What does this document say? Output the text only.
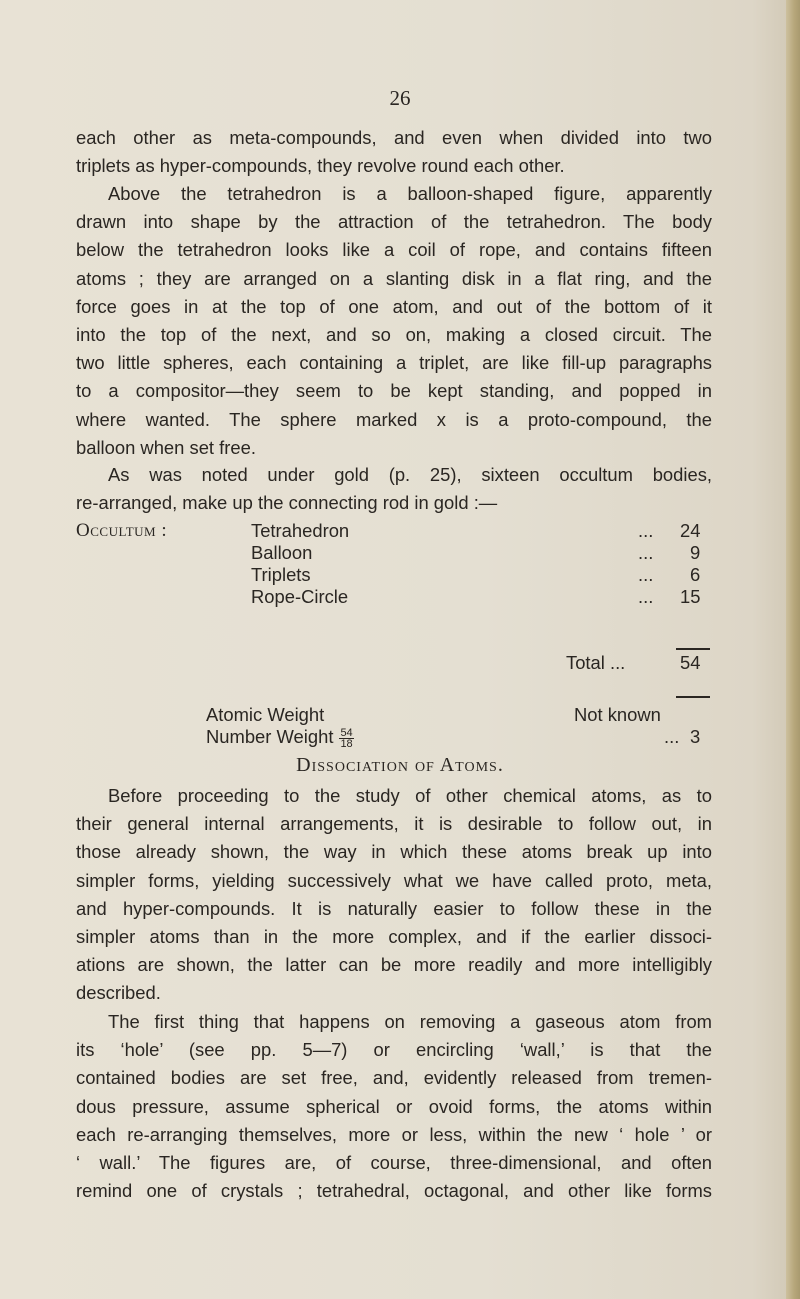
26
each other as meta-compounds, and even when divided into two
triplets as hyper-compounds, they revolve round each other.
Above the tetrahedron is a balloon-shaped figure, apparently
drawn into shape by the attraction of the tetrahedron. The body
below the tetrahedron looks like a coil of rope, and contains fifteen
atoms ; they are arranged on a slanting disk in a flat ring, and the
force goes in at the top of one atom, and out of the bottom of it
into the top of the next, and so on, making a closed circuit. The
two little spheres, each containing a triplet, are like fill-up paragraphs
to a compositor—they seem to be kept standing, and popped in
where wanted. The sphere marked x is a proto-compound, the
balloon when set free.
As was noted under gold (p. 25), sixteen occultum bodies,
re-arranged, make up the connecting rod in gold :—
Occultum :	Tetrahedron	... 24
Balloon	... 9
Triplets	... 6
Rope-Circle	... 15
Total ...	54
Atomic Weight	Not known
Number Weight $\frac{54}{18}$	... 3
Dissociation of Atoms.
Before proceeding to the study of other chemical atoms, as to
their general internal arrangements, it is desirable to follow out, in
those already shown, the way in which these atoms break up into
simpler forms, yielding successively what we have called proto, meta,
and hyper-compounds. It is naturally easier to follow these in the
simpler atoms than in the more complex, and if the earlier dissoci-
ations are shown, the latter can be more readily and more intelligibly
described.
The first thing that happens on removing a gaseous atom from
its ‘hole’ (see pp. 5—7) or encircling ‘wall,’ is that the
contained bodies are set free, and, evidently released from tremen-
dous pressure, assume spherical or ovoid forms, the atoms within
each re-arranging themselves, more or less, within the new ‘ hole ’ or
‘ wall.’ The figures are, of course, three-dimensional, and often
remind one of crystals ; tetrahedral, octagonal, and other like forms
